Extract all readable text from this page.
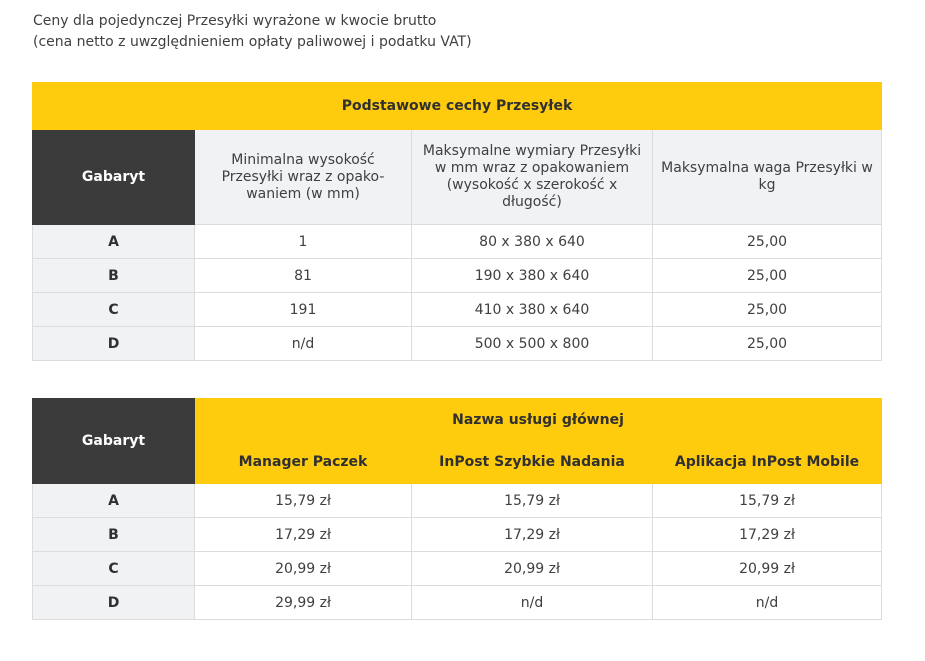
Ceny dla pojedynczej Przesyłki wyrażone w kwocie brutto
(cena netto z uwzględnieniem opłaty paliwowej i podatku VAT)
Podstawowe cechy Przesyłek			
Gabaryt	Minimalna wysokość Przesyłki wraz z opako-waniem (w mm)	Maksymalne wymiary Przesyłki w mm wraz z opakowaniem (wysokość x szerokość x długość)	Maksymalna waga Przesyłki w kg
A	1	80 x 380 x 640	25,00
B	81	190 x 380 x 640	25,00
C	191	410 x 380 x 640	25,00
D	n/d	500 x 500 x 800	25,00
Gabaryt	Nazwa usługi głównej		
	Manager Paczek	InPost Szybkie Nadania	Aplikacja InPost Mobile
A	15,79 zł	15,79 zł	15,79 zł
B	17,29 zł	17,29 zł	17,29 zł
C	20,99 zł	20,99 zł	20,99 zł
D	29,99 zł	n/d	n/d
